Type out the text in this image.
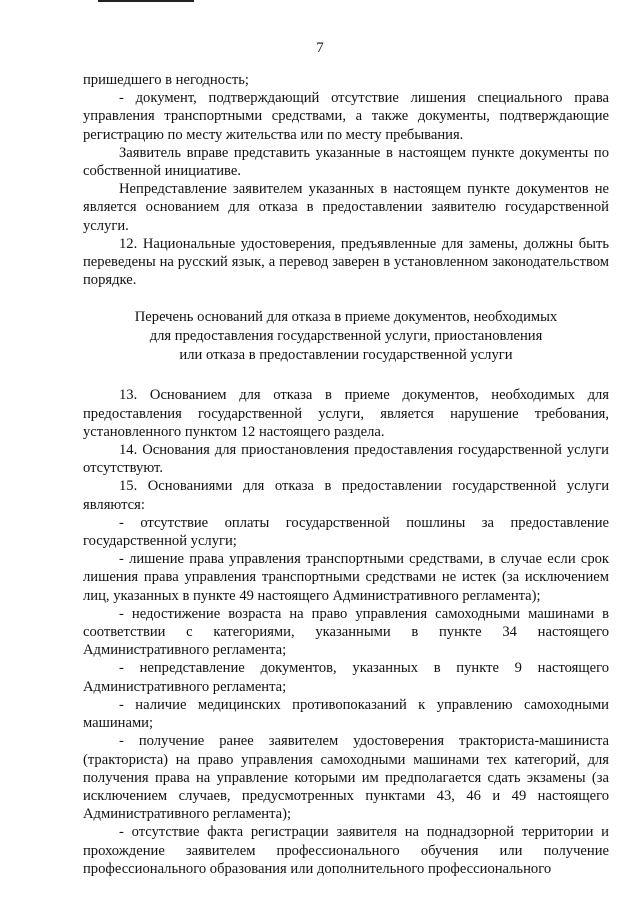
7

пришедшего в негодность;

- документ, подтверждающий отсутствие лишения специального права управления транспортными средствами, а также документы, подтверждающие регистрацию по месту жительства или по месту пребывания.

Заявитель вправе представить указанные в настоящем пункте документы по собственной инициативе.

Непредставление заявителем указанных в настоящем пункте документов не является основанием для отказа в предоставлении заявителю государственной услуги.

12. Национальные удостоверения, предъявленные для замены, должны быть переведены на русский язык, а перевод заверен в установленном законодательством порядке.

Перечень оснований для отказа в приеме документов, необходимых
для предоставления государственной услуги, приостановления
или отказа в предоставлении государственной услуги

13. Основанием для отказа в приеме документов, необходимых для предоставления государственной услуги, является нарушение требования, установленного пунктом 12 настоящего раздела.

14. Основания для приостановления предоставления государственной услуги отсутствуют.

15. Основаниями для отказа в предоставлении государственной услуги являются:

- отсутствие оплаты государственной пошлины за предоставление государственной услуги;

- лишение права управления транспортными средствами, в случае если срок лишения права управления транспортными средствами не истек (за исключением лиц, указанных в пункте 49 настоящего Административного регламента);

- недостижение возраста на право управления самоходными машинами в соответствии с категориями, указанными в пункте 34 настоящего Административного регламента;

- непредставление документов, указанных в пункте 9 настоящего Административного регламента;

- наличие медицинских противопоказаний к управлению самоходными машинами;

- получение ранее заявителем удостоверения тракториста-машиниста (тракториста) на право управления самоходными машинами тех категорий, для получения права на управление которыми им предполагается сдать экзамены (за исключением случаев, предусмотренных пунктами 43, 46 и 49 настоящего Административного регламента);

- отсутствие факта регистрации заявителя на поднадзорной территории и прохождение заявителем профессионального обучения или получение профессионального образования или дополнительного профессионального
